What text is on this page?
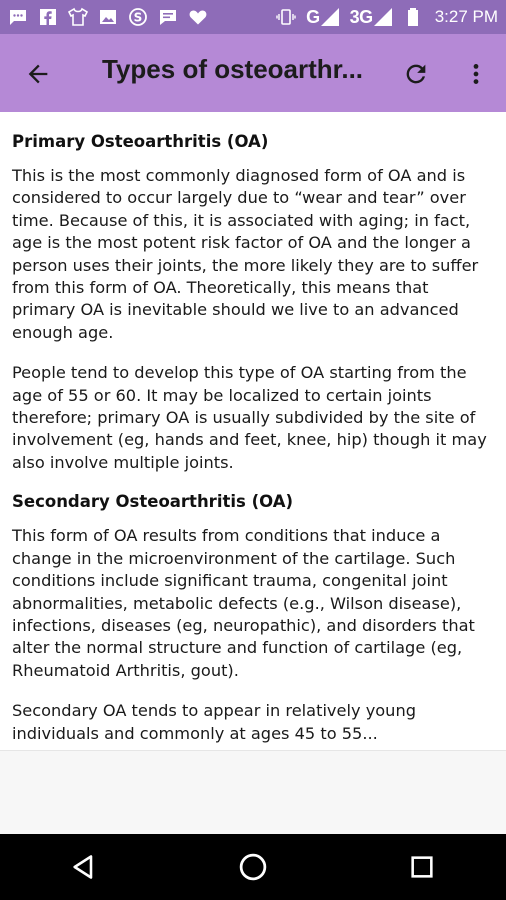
S	G 3G	3:27 PM
Types of osteoarthr...
Primary Osteoarthritis (OA)

This is the most commonly diagnosed form of OA and is considered to occur largely due to “wear and tear” over time. Because of this, it is associated with aging; in fact, age is the most potent risk factor of OA and the longer a person uses their joints, the more likely they are to suffer from this form of OA. Theoretically, this means that primary OA is inevitable should we live to an advanced enough age.

People tend to develop this type of OA starting from the age of 55 or 60. It may be localized to certain joints therefore; primary OA is usually subdivided by the site of involvement (eg, hands and feet, knee, hip) though it may also involve multiple joints.

Secondary Osteoarthritis (OA)

This form of OA results from conditions that induce a change in the microenvironment of the cartilage. Such conditions include significant trauma, congenital joint abnormalities, metabolic defects (e.g., Wilson disease), infections, diseases (eg, neuropathic), and disorders that alter the normal structure and function of cartilage (eg, Rheumatoid Arthritis, gout).

Secondary OA tends to appear in relatively young individuals and commonly at ages 45 to 55...
